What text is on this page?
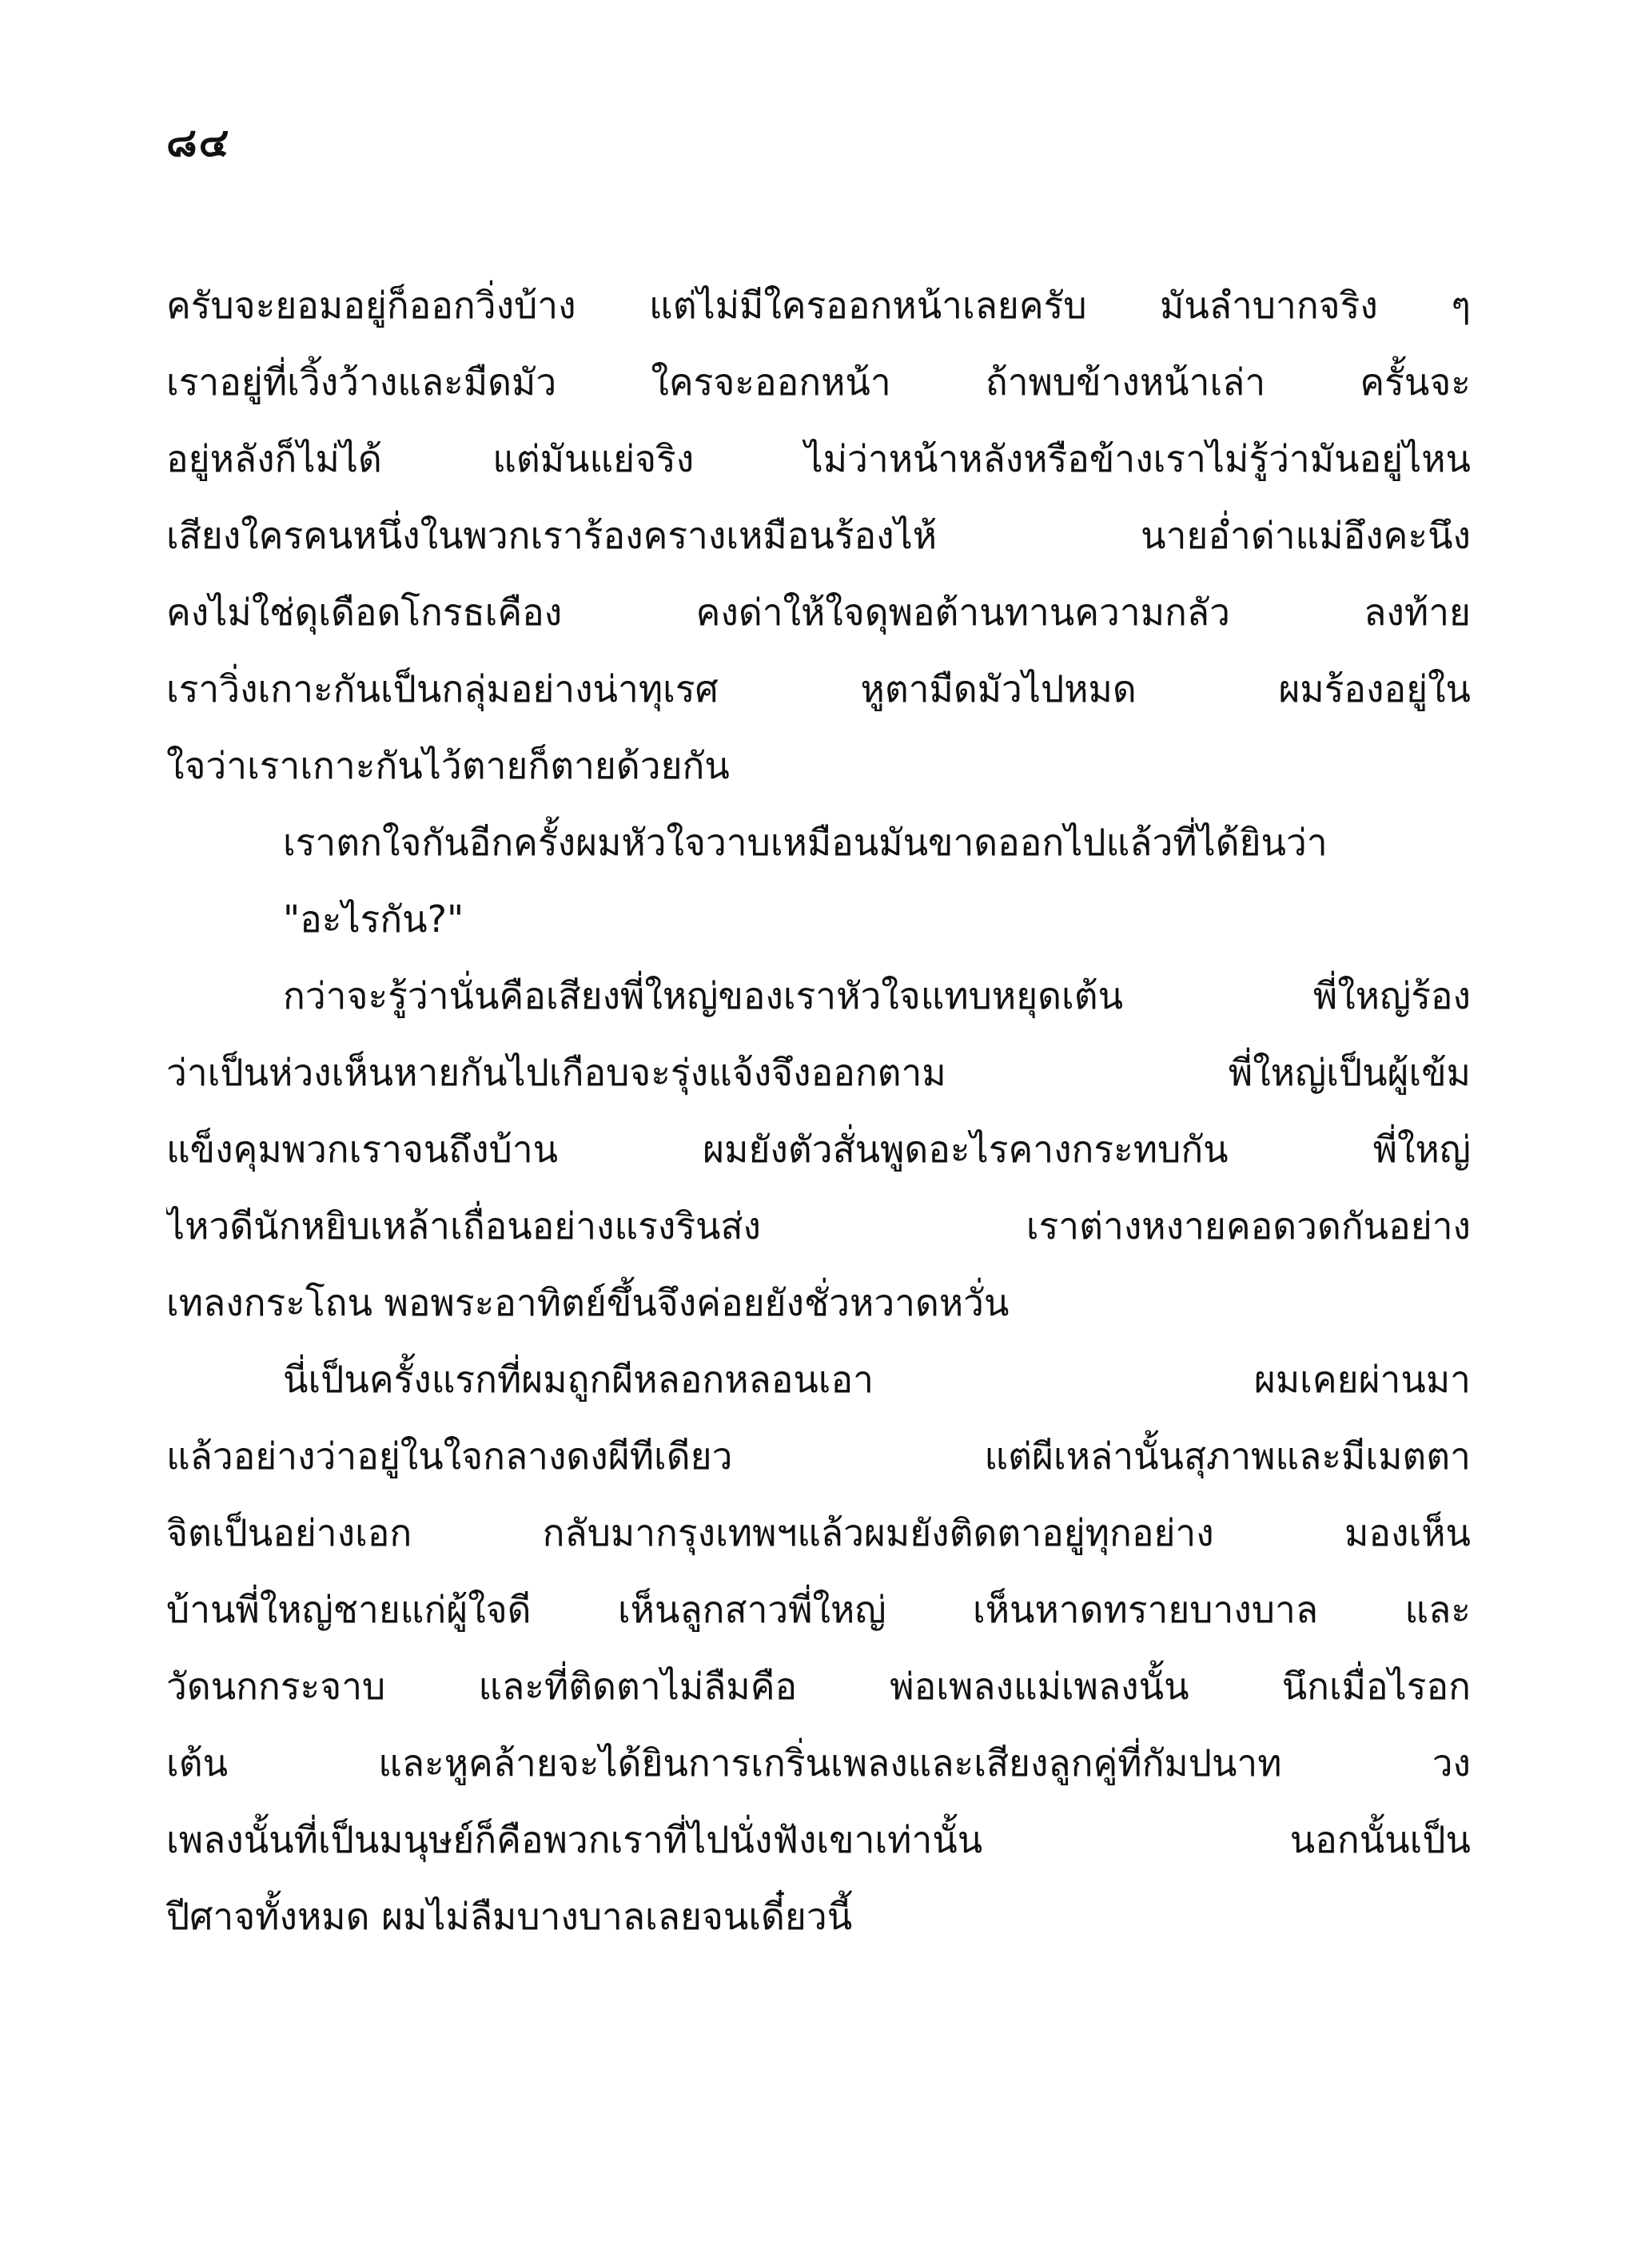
๘๔
ครับจะยอมอยู่ก็ออกวิ่งบ้าง แต่ไม่มีใครออกหน้าเลยครับ มันลำบากจริง ๆ
เราอยู่ที่เวิ้งว้างและมืดมัว ใครจะออกหน้า ถ้าพบข้างหน้าเล่า ครั้นจะ
อยู่หลังก็ไม่ได้ แต่มันแย่จริง ไม่ว่าหน้าหลังหรือข้างเราไม่รู้ว่ามันอยู่ไหน
เสียงใครคนหนึ่งในพวกเราร้องครางเหมือนร้องไห้ นายอ่ำด่าแม่อึงคะนึง
คงไม่ใช่ดุเดือดโกรธเคือง คงด่าให้ใจดุพอต้านทานความกลัว ลงท้าย
เราวิ่งเกาะกันเป็นกลุ่มอย่างน่าทุเรศ หูตามืดมัวไปหมด ผมร้องอยู่ใน
ใจว่าเราเกาะกันไว้ตายก็ตายด้วยกัน
เราตกใจกันอีกครั้งผมหัวใจวาบเหมือนมันขาดออกไปแล้วที่ได้ยินว่า
"อะไรกัน?"
กว่าจะรู้ว่านั่นคือเสียงพี่ใหญ่ของเราหัวใจแทบหยุดเต้น พี่ใหญ่ร้อง
ว่าเป็นห่วงเห็นหายกันไปเกือบจะรุ่งแจ้งจึงออกตาม พี่ใหญ่เป็นผู้เข้ม
แข็งคุมพวกเราจนถึงบ้าน ผมยังตัวสั่นพูดอะไรคางกระทบกัน พี่ใหญ่
ไหวดีนักหยิบเหล้าเถื่อนอย่างแรงรินส่ง เราต่างหงายคอดวดกันอย่าง
เทลงกระโถน พอพระอาทิตย์ขึ้นจึงค่อยยังชั่วหวาดหวั่น
นี่เป็นครั้งแรกที่ผมถูกผีหลอกหลอนเอา ผมเคยผ่านมา
แล้วอย่างว่าอยู่ในใจกลางดงผีทีเดียว แต่ผีเหล่านั้นสุภาพและมีเมตตา
จิตเป็นอย่างเอก กลับมากรุงเทพฯแล้วผมยังติดตาอยู่ทุกอย่าง มองเห็น
บ้านพี่ใหญ่ชายแก่ผู้ใจดี เห็นลูกสาวพี่ใหญ่ เห็นหาดทรายบางบาล และ
วัดนกกระจาบ และที่ติดตาไม่ลืมคือ พ่อเพลงแม่เพลงนั้น นึกเมื่อไรอก
เต้น และหูคล้ายจะได้ยินการเกริ่นเพลงและเสียงลูกคู่ที่กัมปนาท วง
เพลงนั้นที่เป็นมนุษย์ก็คือพวกเราที่ไปนั่งฟังเขาเท่านั้น นอกนั้นเป็น
ปีศาจทั้งหมด ผมไม่ลืมบางบาลเลยจนเดี๋ยวนี้
